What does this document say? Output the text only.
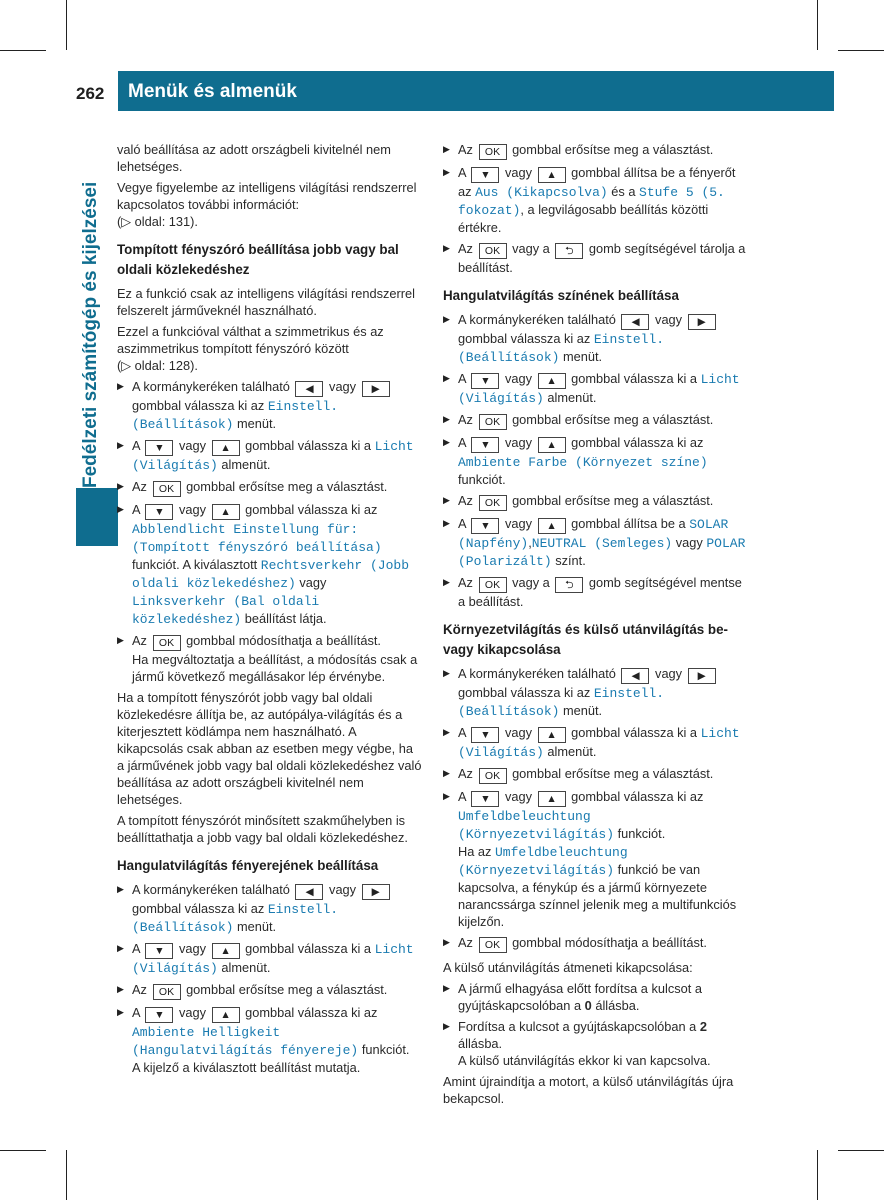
262 Menük és almenük
Fedélzeti számítógép és kijelzései

való beállítása az adott országbeli kivitelnél nem lehetséges.

Vegye figyelembe az intelligens világítási rendszerrel kapcsolatos további információt:
(▷ oldal: 131).

Tompított fényszóró beállítása jobb vagy bal oldali közlekedéshez

Ez a funkció csak az intelligens világítási rendszerrel felszerelt járműveknél használható.

Ezzel a funkcióval válthat a szimmetrikus és az aszimmetrikus tompított fényszóró között
(▷ oldal: 128).

▶ A kormánykeréken található ◀ vagy ▶ gombbal válassza ki az Einstell. (Beállítások) menüt.
▶ A ▼ vagy ▲ gombbal válassza ki a Licht (Világítás) almenüt.
▶ Az OK gombbal erősítse meg a választást.
▶ A ▼ vagy ▲ gombbal válassza ki az Abblendlicht Einstellung für: (Tompított fényszóró beállítása) funkciót. A kiválasztott Rechtsverkehr (Jobb oldali közlekedéshez) vagy Linksverkehr (Bal oldali közlekedéshez) beállítást látja.
▶ Az OK gombbal módosíthatja a beállítást.
Ha megváltoztatja a beállítást, a módosítás csak a jármű következő megállásakor lép érvénybe.

Ha a tompított fényszórót jobb vagy bal oldali közlekedésre állítja be, az autópálya-világítás és a kiterjesztett ködlámpa nem használható. A kikapcsolás csak abban az esetben megy végbe, ha a járművének jobb vagy bal oldali közlekedéshez való beállítása az adott országbeli kivitelnél nem lehetséges.

A tompított fényszórót minősített szakműhelyben is beállíttathatja a jobb vagy bal oldali közlekedéshez.

Hangulatvilágítás fényerejének beállítása
▶ A kormánykeréken található ◀ vagy ▶ gombbal válassza ki az Einstell. (Beállítások) menüt.
▶ A ▼ vagy ▲ gombbal válassza ki a Licht (Világítás) almenüt.
▶ Az OK gombbal erősítse meg a választást.
▶ A ▼ vagy ▲ gombbal válassza ki az Ambiente Helligkeit (Hangulatvilágítás fényereje) funkciót.
A kijelző a kiválasztott beállítást mutatja.
▶ Az OK gombbal erősítse meg a választást.
▶ A ▼ vagy ▲ gombbal állítsa be a fényerőt az Aus (Kikapcsolva) és a Stufe 5 (5. fokozat), a legvilágosabb beállítás közötti értékre.
▶ Az OK vagy a ⮌ gomb segítségével tárolja a beállítást.
Hangulatvilágítás színének beállítása
▶ A kormánykeréken található ◀ vagy ▶ gombbal válassza ki az Einstell. (Beállítások) menüt.
▶ A ▼ vagy ▲ gombbal válassza ki a Licht (Világítás) almenüt.
▶ Az OK gombbal erősítse meg a választást.
▶ A ▼ vagy ▲ gombbal válassza ki az Ambiente Farbe (Környezet színe) funkciót.
▶ Az OK gombbal erősítse meg a választást.
▶ A ▼ vagy ▲ gombbal állítsa be a SOLAR (Napfény),NEUTRAL (Semleges) vagy POLAR (Polarizált) színt.
▶ Az OK vagy a ⮌ gomb segítségével mentse a beállítást.
Környezetvilágítás és külső utánvilágítás be- vagy kikapcsolása
▶ A kormánykeréken található ◀ vagy ▶ gombbal válassza ki az Einstell. (Beállítások) menüt.
▶ A ▼ vagy ▲ gombbal válassza ki a Licht (Világítás) almenüt.
▶ Az OK gombbal erősítse meg a választást.
▶ A ▼ vagy ▲ gombbal válassza ki az Umfeldbeleuchtung (Környezetvilágítás) funkciót.
Ha az Umfeldbeleuchtung (Környezetvilágítás) funkció be van kapcsolva, a fénykúp és a jármű környezete narancssárga színnel jelenik meg a multifunkciós kijelzőn.
▶ Az OK gombbal módosíthatja a beállítást.

A külső utánvilágítás átmeneti kikapcsolása:

▶ A jármű elhagyása előtt fordítsa a kulcsot a gyújtáskapcsolóban a 0 állásba.
▶ Fordítsa a kulcsot a gyújtáskapcsolóban a 2
állásba.
A külső utánvilágítás ekkor ki van kapcsolva.

Amint újraindítja a motort, a külső utánvilágítás újra bekapcsol.
